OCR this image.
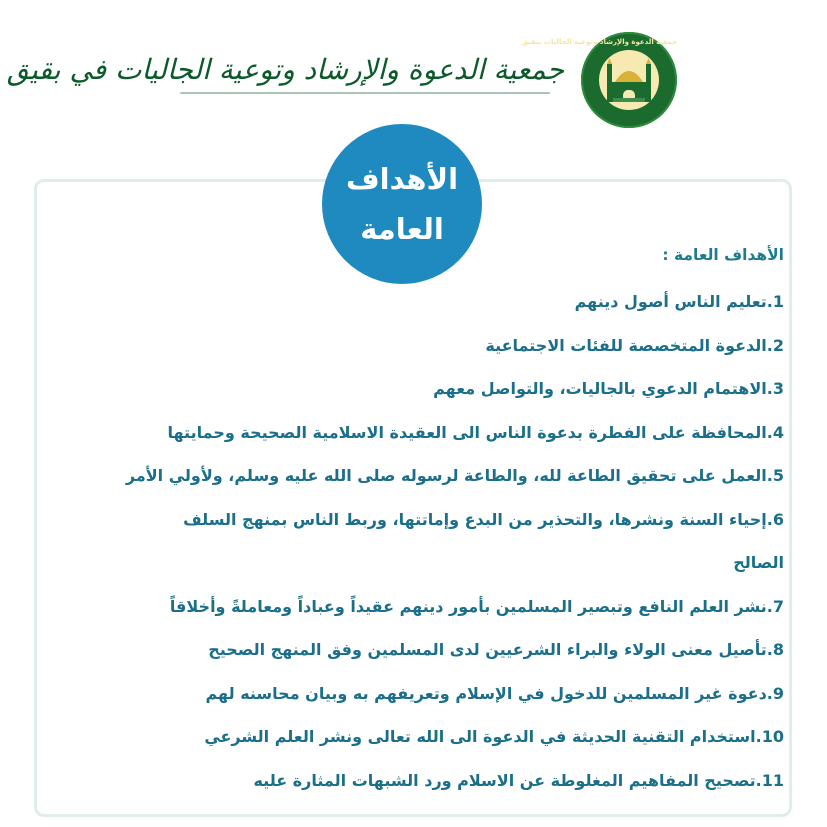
جمعية الدعوة والإرشاد وتوعية الجاليات في بقيق
جمعية الدعوة والإرشاد وتوعية الجاليات ببقيق
الأهداف
العامة
الأهداف العامة :
1.تعليم الناس أصول دينهم
2.الدعوة المتخصصة للفئات الاجتماعية
3.الاهتمام الدعوي بالجاليات، والتواصل معهم
4.المحافظة على الفطرة بدعوة الناس الى العقيدة الاسلامية الصحيحة وحمايتها
5.العمل على تحقيق الطاعة لله، والطاعة لرسوله صلى الله عليه وسلم، ولأولي الأمر
6.إحياء السنة ونشرها، والتحذير من البدع وإماتتها، وربط الناس بمنهج السلف
الصالح
7.نشر العلم النافع وتبصير المسلمين بأمور دينهم عقيداً وعباداً ومعاملةً وأخلاقاً
8.تأصيل معنى الولاء والبراء الشرعيين لدى المسلمين وفق المنهج الصحيح
9.دعوة غير المسلمين للدخول في الإسلام وتعريفهم به وبيان محاسنه لهم
10.استخدام التقنية الحديثة في الدعوة الى الله تعالى ونشر العلم الشرعي
11.تصحيح المفاهيم المغلوطة عن الاسلام ورد الشبهات المثارة عليه
